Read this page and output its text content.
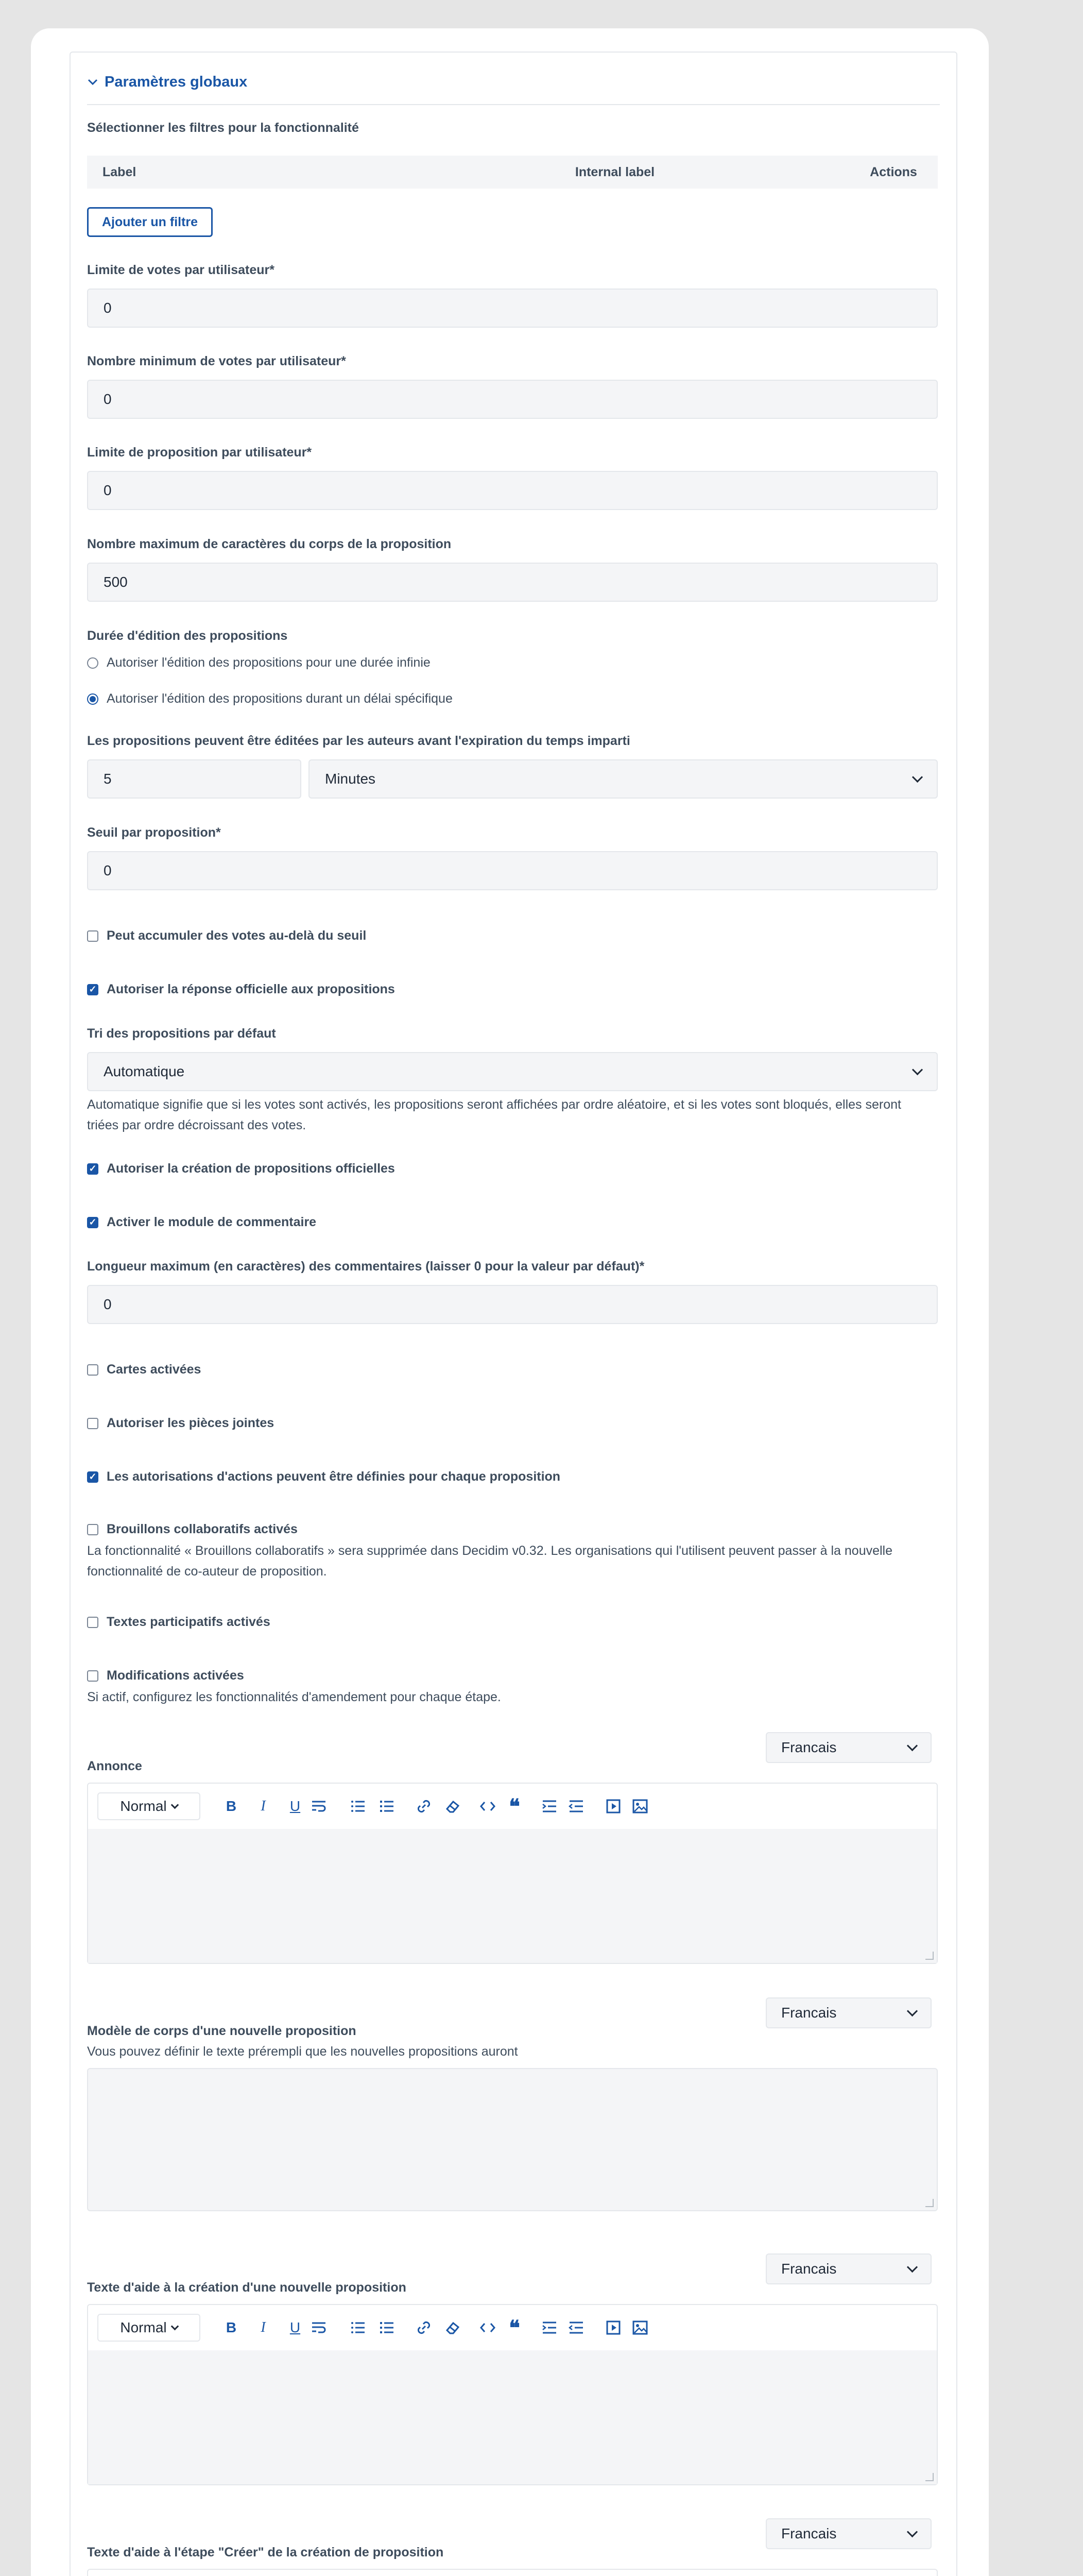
Paramètres globaux
Sélectionner les filtres pour la fonctionnalité
Label	Internal label	Actions
Ajouter un filtre
Limite de votes par utilisateur*
0
Nombre minimum de votes par utilisateur*
0
Limite de proposition par utilisateur*
0
Nombre maximum de caractères du corps de la proposition
500
Durée d'édition des propositions
Autoriser l'édition des propositions pour une durée infinie
Autoriser l'édition des propositions durant un délai spécifique
Les propositions peuvent être éditées par les auteurs avant l'expiration du temps imparti
5	Minutes
Seuil par proposition*
0
Peut accumuler des votes au-delà du seuil
✓ Autoriser la réponse officielle aux propositions
Tri des propositions par défaut
Automatique
Automatique signifie que si les votes sont activés, les propositions seront affichées par ordre aléatoire, et si les votes sont bloqués, elles seront triées par ordre décroissant des votes.
✓ Autoriser la création de propositions officielles
✓ Activer le module de commentaire
Longueur maximum (en caractères) des commentaires (laisser 0 pour la valeur par défaut)*
0
Cartes activées
Autoriser les pièces jointes
✓ Les autorisations d'actions peuvent être définies pour chaque proposition
Brouillons collaboratifs activés
La fonctionnalité « Brouillons collaboratifs » sera supprimée dans Decidim v0.32. Les organisations qui l'utilisent peuvent passer à la nouvelle fonctionnalité de co-auteur de proposition.
Textes participatifs activés
Modifications activées
Si actif, configurez les fonctionnalités d'amendement pour chaque étape.
Francais
Annonce
Normal	B	I	U	❝
Francais
Modèle de corps d'une nouvelle proposition
Vous pouvez définir le texte prérempli que les nouvelles propositions auront
Francais
Texte d'aide à la création d'une nouvelle proposition
Normal	B	I	U	❝
Francais
Texte d'aide à l'étape "Créer" de la création de proposition
